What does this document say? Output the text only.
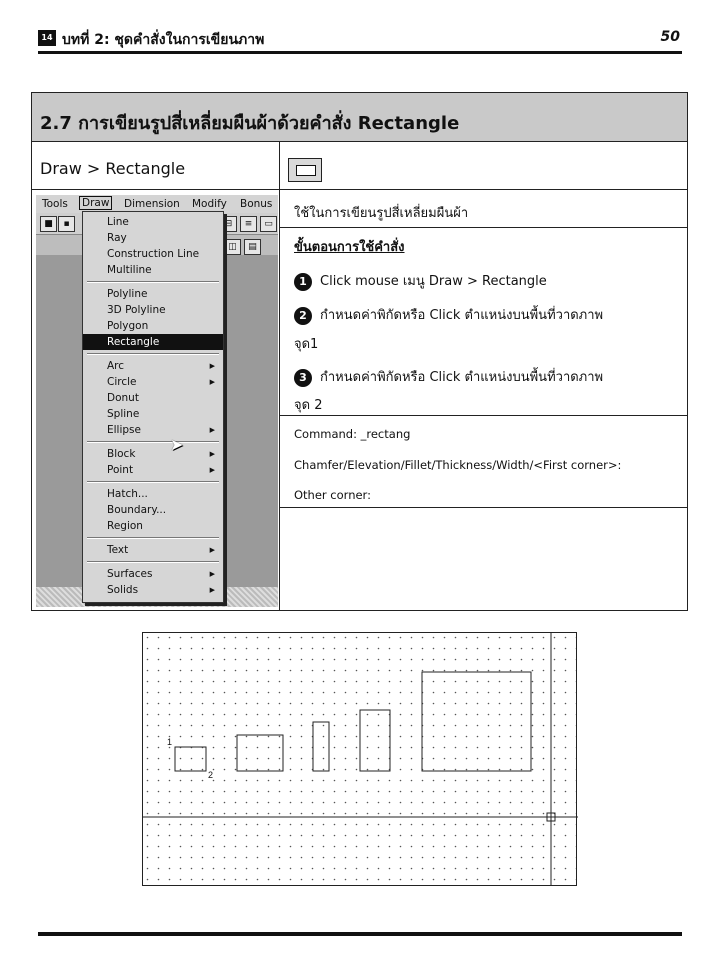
14 บทที่ 2: ชุดคำสั่งในการเขียนภาพ	50
2.7 การเขียนรูปสี่เหลี่ยมผืนผ้าด้วยคำสั่ง Rectangle
Draw > Rectangle
ใช้ในการเขียนรูปสี่เหลี่ยมผืนผ้า
ขั้นตอนการใช้คำสั่ง
1 Click mouse เมนู Draw > Rectangle
2 กำหนดค่าพิกัดหรือ Click ตำแหน่งบนพื้นที่วาดภาพ
จุด1
3 กำหนดค่าพิกัดหรือ Click ตำแหน่งบนพื้นที่วาดภาพ
จุด 2
Command: _rectang
Chamfer/Elevation/Fillet/Thickness/Width/<First corner>:
Other corner:
Tools Draw Dimension Modify Bonus
■	▪	⊟	≡	▭
◫	▤
Line
Ray
Construction Line
Multiline
Polyline
3D Polyline
Polygon
Rectangle
Arc	▶
Circle	▶
Donut
Spline
Ellipse	▶
Block	▶
Point	▶
Hatch...
Boundary...
Region
Text	▶
Surfaces	▶
Solids	▶
➤
1
2
